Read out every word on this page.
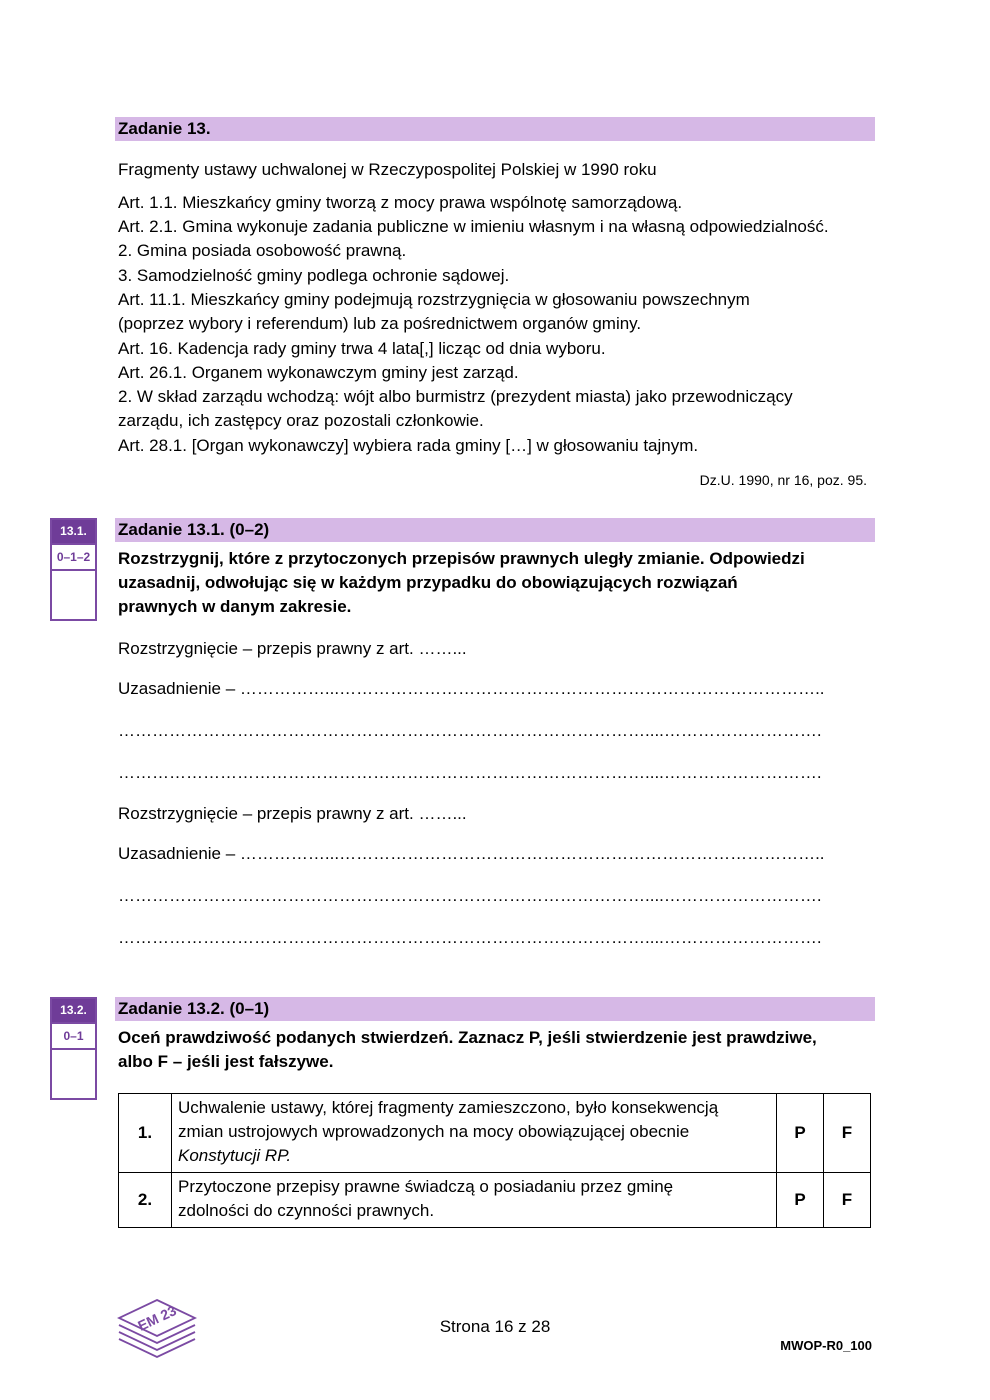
Zadanie 13.
Fragmenty ustawy uchwalonej w Rzeczypospolitej Polskiej w 1990 roku
Art. 1.1. Mieszkańcy gminy tworzą z mocy prawa wspólnotę samorządową.
Art. 2.1. Gmina wykonuje zadania publiczne w imieniu własnym i na własną odpowiedzialność.
2. Gmina posiada osobowość prawną.
3. Samodzielność gminy podlega ochronie sądowej.
Art. 11.1. Mieszkańcy gminy podejmują rozstrzygnięcia w głosowaniu powszechnym
(poprzez wybory i referendum) lub za pośrednictwem organów gminy.
Art. 16. Kadencja rady gminy trwa 4 lata[,] licząc od dnia wyboru.
Art. 26.1. Organem wykonawczym gminy jest zarząd.
2. W skład zarządu wchodzą: wójt albo burmistrz (prezydent miasta) jako przewodniczący
zarządu, ich zastępcy oraz pozostali członkowie.
Art. 28.1. [Organ wykonawczy] wybiera rada gminy […] w głosowaniu tajnym.
Dz.U. 1990, nr 16, poz. 95.
13.1.
0–1–2
Zadanie 13.1. (0–2)
Rozstrzygnij, które z przytoczonych przepisów prawnych uległy zmianie. Odpowiedzi
uzasadnij, odwołując się w każdym przypadku do obowiązujących rozwiązań
prawnych w danym zakresie.
Rozstrzygnięcie – przepis prawny z art. ……...
Uzasadnienie – ……………...…………………………………………………………………………..
…………………………………………………………………………………....……………………….
…………………………………………………………………………………....……………………….
Rozstrzygnięcie – przepis prawny z art. ……...
Uzasadnienie – ……………...…………………………………………………………………………..
…………………………………………………………………………………....……………………….
…………………………………………………………………………………....……………………….
13.2.
0–1
Zadanie 13.2. (0–1)
Oceń prawdziwość podanych stwierdzeń. Zaznacz P, jeśli stwierdzenie jest prawdziwe,
albo F – jeśli jest fałszywe.
1.	Uchwalenie ustawy, której fragmenty zamieszczono, było konsekwencją
zmian ustrojowych wprowadzonych na mocy obowiązującej obecnie
Konstytucji RP.	P	F
2.	Przytoczone przepisy prawne świadczą o posiadaniu przez gminę
zdolności do czynności prawnych.	P	F
EM 23	Strona 16 z 28
MWOP-R0_100
